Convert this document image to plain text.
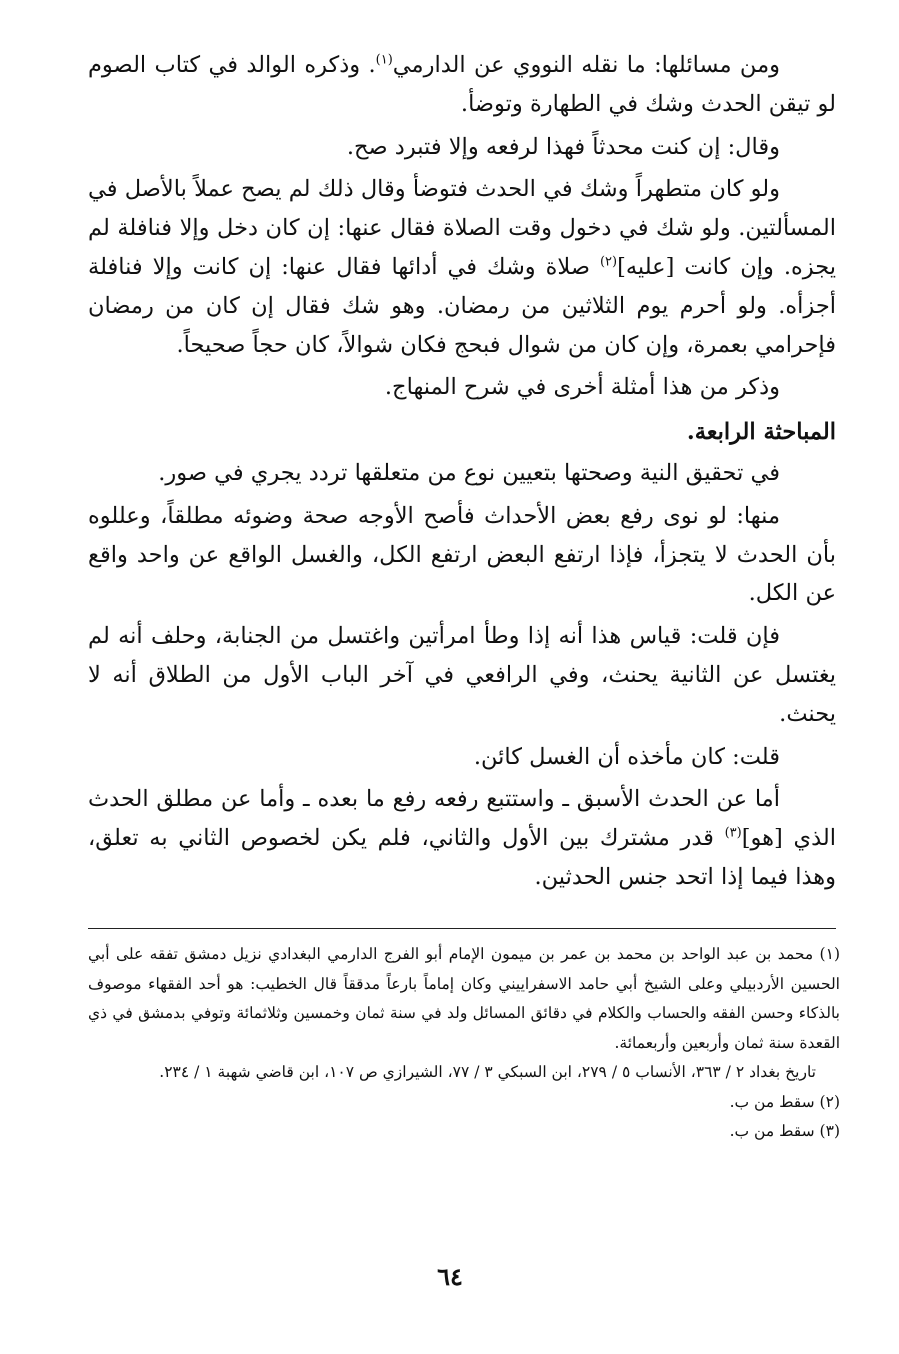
ومن مسائلها: ما نقله النووي عن الدارمي$^{(١)}$. وذكره الوالد في كتاب الصوم لو تيقن الحدث وشك في الطهارة وتوضأ.

وقال: إن كنت محدثاً فهذا لرفعه وإلا فتبرد صح.

ولو كان متطهراً وشك في الحدث فتوضأ وقال ذلك لم يصح عملاً بالأصل في المسألتين. ولو شك في دخول وقت الصلاة فقال عنها: إن كان دخل وإلا فنافلة لم يجزه. وإن كانت [عليه]$^{(٢)}$ صلاة وشك في أدائها فقال عنها: إن كانت وإلا فنافلة أجزأه. ولو أحرم يوم الثلاثين من رمضان. وهو شك فقال إن كان من رمضان فإحرامي بعمرة، وإن كان من شوال فبحج فكان شوالاً، كان حجاً صحيحاً.

وذكر من هذا أمثلة أخرى في شرح المنهاج.

المباحثة الرابعة.

في تحقيق النية وصحتها بتعيين نوع من متعلقها تردد يجري في صور.

منها: لو نوى رفع بعض الأحداث فأصح الأوجه صحة وضوئه مطلقاً، وعللوه بأن الحدث لا يتجزأ، فإذا ارتفع البعض ارتفع الكل، والغسل الواقع عن واحد واقع عن الكل.

فإن قلت: قياس هذا أنه إذا وطأ امرأتين واغتسل من الجنابة، وحلف أنه لم يغتسل عن الثانية يحنث، وفي الرافعي في آخر الباب الأول من الطلاق أنه لا يحنث.

قلت: كان مأخذه أن الغسل كائن.

أما عن الحدث الأسبق ـ واستتبع رفعه رفع ما بعده ـ وأما عن مطلق الحدث الذي [هو]$^{(٣)}$ قدر مشترك بين الأول والثاني، فلم يكن لخصوص الثاني به تعلق، وهذا فيما إذا اتحد جنس الحدثين.

(١) محمد بن عبد الواحد بن محمد بن عمر بن ميمون الإمام أبو الفرج الدارمي البغدادي نزيل دمشق تفقه على أبي الحسين الأردبيلي وعلى الشيخ أبي حامد الاسفراييني وكان إماماً بارعاً مدققاً قال الخطيب: هو أحد الفقهاء موصوف بالذكاء وحسن الفقه والحساب والكلام في دقائق المسائل ولد في سنة ثمان وخمسين وثلاثمائة وتوفي بدمشق في ذي القعدة سنة ثمان وأربعين وأربعمائة.

تاريخ بغداد ٢ / ٣٦٣، الأنساب ٥ / ٢٧٩، ابن السبكي ٣ / ٧٧، الشيرازي ص ١٠٧، ابن قاضي شهبة ١ / ٢٣٤.

(٢) سقط من ب.

(٣) سقط من ب.

٦٤
